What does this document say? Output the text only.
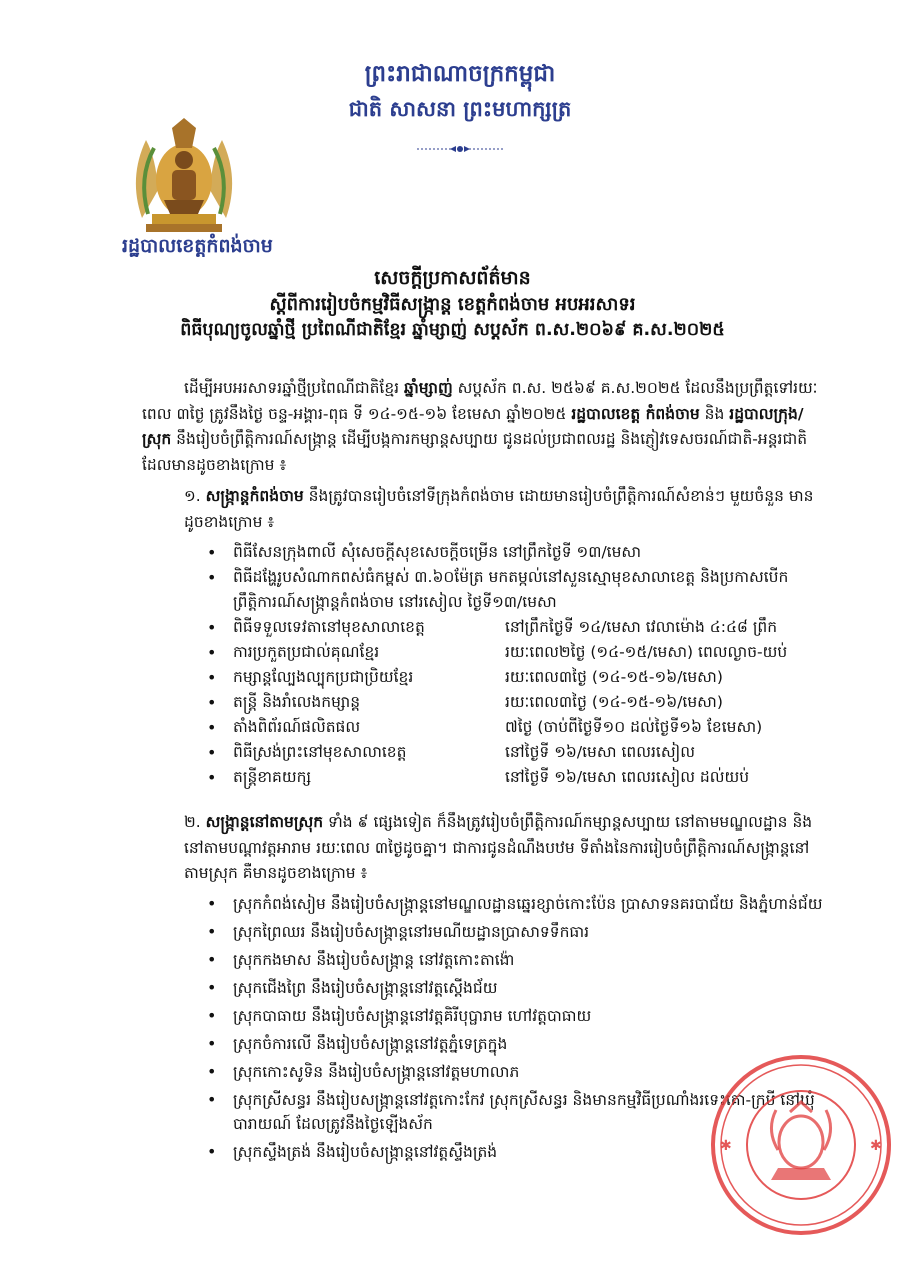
ព្រះរាជាណាចក្រកម្ពុជា
ជាតិ សាសនា ព្រះមហាក្សត្រ
រដ្ឋបាលខេត្តកំពង់ចាម
សេចក្ដីប្រកាសព័ត៌មាន
ស្ដីពីការរៀបចំកម្មវិធីសង្ក្រាន្ត ខេត្តកំពង់ចាម អបអរសាទរ
ពិធីបុណ្យចូលឆ្នាំថ្មី ប្រពៃណីជាតិខ្មែរ ឆ្នាំម្សាញ់ សប្តស័ក ព.ស.២០៦៩ គ.ស.២០២៥
ដើម្បីអបអរសាទរឆ្នាំថ្មីប្រពៃណីជាតិខ្មែរ ឆ្នាំម្សាញ់ សប្តស័ក ព.ស. ២៥៦៩ គ.ស.២០២៥ ដែលនឹងប្រព្រឹត្តទៅរយៈពេល ៣ថ្ងៃ ត្រូវនឹងថ្ងៃ ចន្ទ-អង្គារ-ពុធ ទី ១៤-១៥-១៦ ខែមេសា ឆ្នាំ២០២៥ រដ្ឋបាលខេត្ត កំពង់ចាម និង រដ្ឋបាលក្រុង/ស្រុក នឹងរៀបចំព្រឹត្តិការណ៍សង្ក្រាន្ត ដើម្បីបង្កការកម្សាន្តសប្បាយ ជូនដល់ប្រជាពលរដ្ឋ និងភ្ញៀវទេសចរណ៍ជាតិ-អន្តរជាតិ ដែលមានដូចខាងក្រោម ៖
១. សង្ក្រាន្តកំពង់ចាម នឹងត្រូវបានរៀបចំនៅទីក្រុងកំពង់ចាម ដោយមានរៀបចំព្រឹត្តិការណ៍សំខាន់ៗ មួយចំនួន មានដូចខាងក្រោម ៖
• ពិធីសែនក្រុងពាលី សុំសេចក្តីសុខសេចក្តីចម្រើន នៅព្រឹកថ្ងៃទី ១៣/មេសា
• ពិធីដង្ហែរូបសំណាកពស់ធំកម្ពស់ ៣.៦០ម៉ែត្រ មកតម្កល់នៅសួនស្មោមុខសាលាខេត្ត និងប្រកាសបើកព្រឹត្តិការណ៍សង្ក្រាន្តកំពង់ចាម នៅរសៀល ថ្ងៃទី១៣/មេសា
• ពិធីទទួលទេវតានៅមុខសាលាខេត្ត	នៅព្រឹកថ្ងៃទី ១៤/មេសា វេលាម៉ោង ៤:៤៨ ព្រឹក
• ការប្រកួតប្រជាល់គុណខ្មែរ	រយៈពេល២ថ្ងៃ (១៤-១៥/មេសា) ពេលល្ងាច-យប់
• កម្សាន្តល្បែងល្បុកប្រជាប្រិយខ្មែរ	រយៈពេល៣ថ្ងៃ (១៤-១៥-១៦/មេសា)
• តន្ត្រី និងរាំលេងកម្សាន្ត	រយៈពេល៣ថ្ងៃ (១៤-១៥-១៦/មេសា)
• តាំងពិព័រណ៍ផលិតផល	៧ថ្ងៃ (ចាប់ពីថ្ងៃទី១០ ដល់ថ្ងៃទី១៦ ខែមេសា)
• ពិធីស្រង់ព្រះនៅមុខសាលាខេត្ត	នៅថ្ងៃទី ១៦/មេសា ពេលរសៀល
• តន្ត្រីខាគយក្ស	នៅថ្ងៃទី ១៦/មេសា ពេលរសៀល ដល់យប់
២. សង្ក្រាន្តនៅតាមស្រុក ទាំង ៩ ផ្សេងទៀត ក៏នឹងត្រូវរៀបចំព្រឹត្តិការណ៍កម្សាន្តសប្បាយ នៅតាមមណ្ឌលដ្ឋាន និងនៅតាមបណ្តាវត្តអារាម រយៈពេល ៣ថ្ងៃដូចគ្នា។ ជាការជូនដំណឹងបឋម ទីតាំងនៃការរៀបចំព្រឹត្តិការណ៍សង្ក្រាន្តនៅតាមស្រុក គឺមានដូចខាងក្រោម ៖
• ស្រុកកំពង់សៀម នឹងរៀបចំសង្ក្រាន្តនៅមណ្ឌលដ្ឋានឆ្នេរខ្សាច់កោះប៉ែន ប្រាសាទនគរបាជ័យ និងភ្នំហាន់ជ័យ
• ស្រុកព្រៃឈរ នឹងរៀបចំសង្ក្រាន្តនៅរមណីយដ្ឋានប្រាសាទទឹកធារ
• ស្រុកកងមាស នឹងរៀបចំសង្ក្រាន្ត នៅវត្តកោះតាង៉ោ
• ស្រុកជើងព្រៃ នឹងរៀបចំសង្ក្រាន្តនៅវត្តស្តើងជ័យ
• ស្រុកបាធាយ នឹងរៀបចំសង្ក្រាន្តនៅវត្តគិរីបុប្ផារាម ហៅវត្តបាធាយ
• ស្រុកចំការលើ នឹងរៀបចំសង្ក្រាន្តនៅវត្តភ្នំទេត្រក្នុង
• ស្រុកកោះសូទិន នឹងរៀបចំសង្ក្រាន្តនៅវត្តមហាលាភ
• ស្រុកស្រីសន្ធរ នឹងរៀបសង្ក្រាន្តនៅវត្តកោះកែវ ស្រុកស្រីសន្ធរ និងមានកម្មវិធីប្រណាំងរទេះគោ-ក្របី នៅឃុំបារាយណ៍ ដែលត្រូវនឹងថ្ងៃឡើងស័ក
• ស្រុកស្ទឹងត្រង់ នឹងរៀបចំសង្ក្រាន្តនៅវត្តស្ទឹងត្រង់	✱	✱
